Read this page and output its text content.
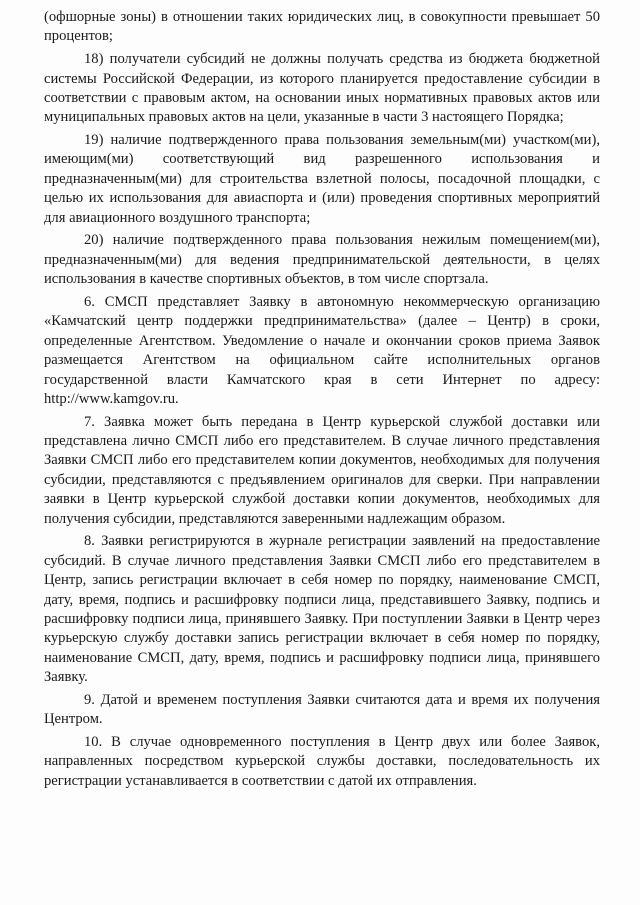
(офшорные зоны) в отношении таких юридических лиц, в совокупности превышает 50 процентов;

18) получатели субсидий не должны получать средства из бюджета бюджетной системы Российской Федерации, из которого планируется предоставление субсидии в соответствии с правовым актом, на основании иных нормативных правовых актов или муниципальных правовых актов на цели, указанные в части 3 настоящего Порядка;

19) наличие подтвержденного права пользования земельным(ми) участком(ми), имеющим(ми) соответствующий вид разрешенного использования и предназначенным(ми) для строительства взлетной полосы, посадочной площадки, с целью их использования для авиаспорта и (или) проведения спортивных мероприятий для авиационного воздушного транспорта;

20) наличие подтвержденного права пользования нежилым помещением(ми), предназначенным(ми) для ведения предпринимательской деятельности, в целях использования в качестве спортивных объектов, в том числе спортзала.

6. СМСП представляет Заявку в автономную некоммерческую организацию «Камчатский центр поддержки предпринимательства» (далее – Центр) в сроки, определенные Агентством. Уведомление о начале и окончании сроков приема Заявок размещается Агентством на официальном сайте исполнительных органов государственной власти Камчатского края в сети Интернет по адресу: http://www.kamgov.ru.

7. Заявка может быть передана в Центр курьерской службой доставки или представлена лично СМСП либо его представителем. В случае личного представления Заявки СМСП либо его представителем копии документов, необходимых для получения субсидии, представляются с предъявлением оригиналов для сверки. При направлении заявки в Центр курьерской службой доставки копии документов, необходимых для получения субсидии, представляются заверенными надлежащим образом.

8. Заявки регистрируются в журнале регистрации заявлений на предоставление субсидий. В случае личного представления Заявки СМСП либо его представителем в Центр, запись регистрации включает в себя номер по порядку, наименование СМСП, дату, время, подпись и расшифровку подписи лица, представившего Заявку, подпись и расшифровку подписи лица, принявшего Заявку. При поступлении Заявки в Центр через курьерскую службу доставки запись регистрации включает в себя номер по порядку, наименование СМСП, дату, время, подпись и расшифровку подписи лица, принявшего Заявку.

9. Датой и временем поступления Заявки считаются дата и время их получения Центром.

10. В случае одновременного поступления в Центр двух или более Заявок, направленных посредством курьерской службы доставки, последовательность их регистрации устанавливается в соответствии с датой их отправления.
